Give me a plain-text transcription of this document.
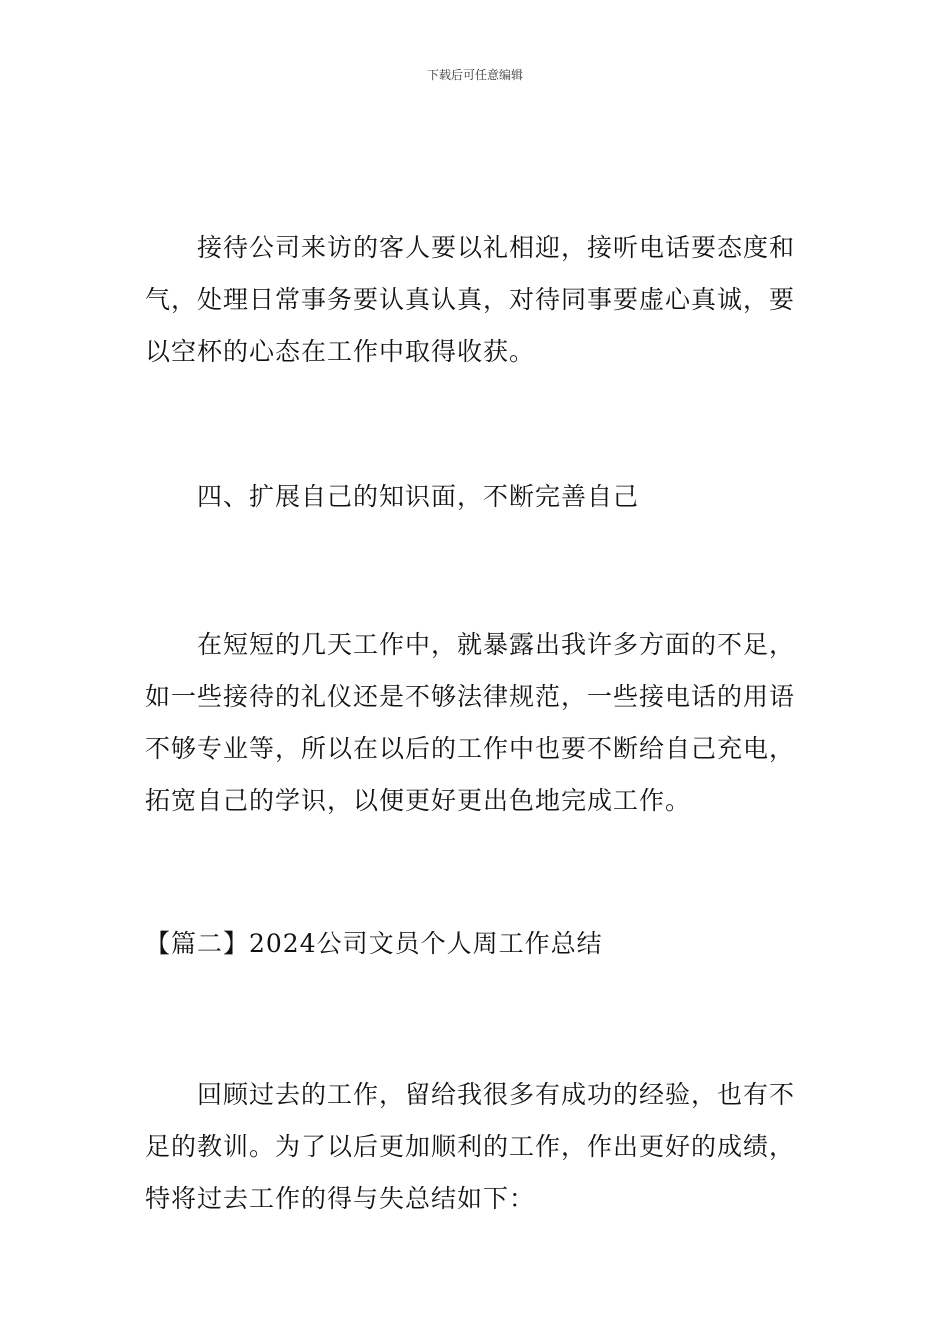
下载后可任意编辑

接待公司来访的客人要以礼相迎，接听电话要态度和气，处理日常事务要认真认真，对待同事要虚心真诚，要以空杯的心态在工作中取得收获。

四、扩展自己的知识面，不断完善自己

在短短的几天工作中，就暴露出我许多方面的不足，如一些接待的礼仪还是不够法律规范，一些接电话的用语不够专业等，所以在以后的工作中也要不断给自己充电，拓宽自己的学识，以便更好更出色地完成工作。

【篇二】2024公司文员个人周工作总结

回顾过去的工作，留给我很多有成功的经验，也有不足的教训。为了以后更加顺利的工作，作出更好的成绩，特将过去工作的得与失总结如下：
